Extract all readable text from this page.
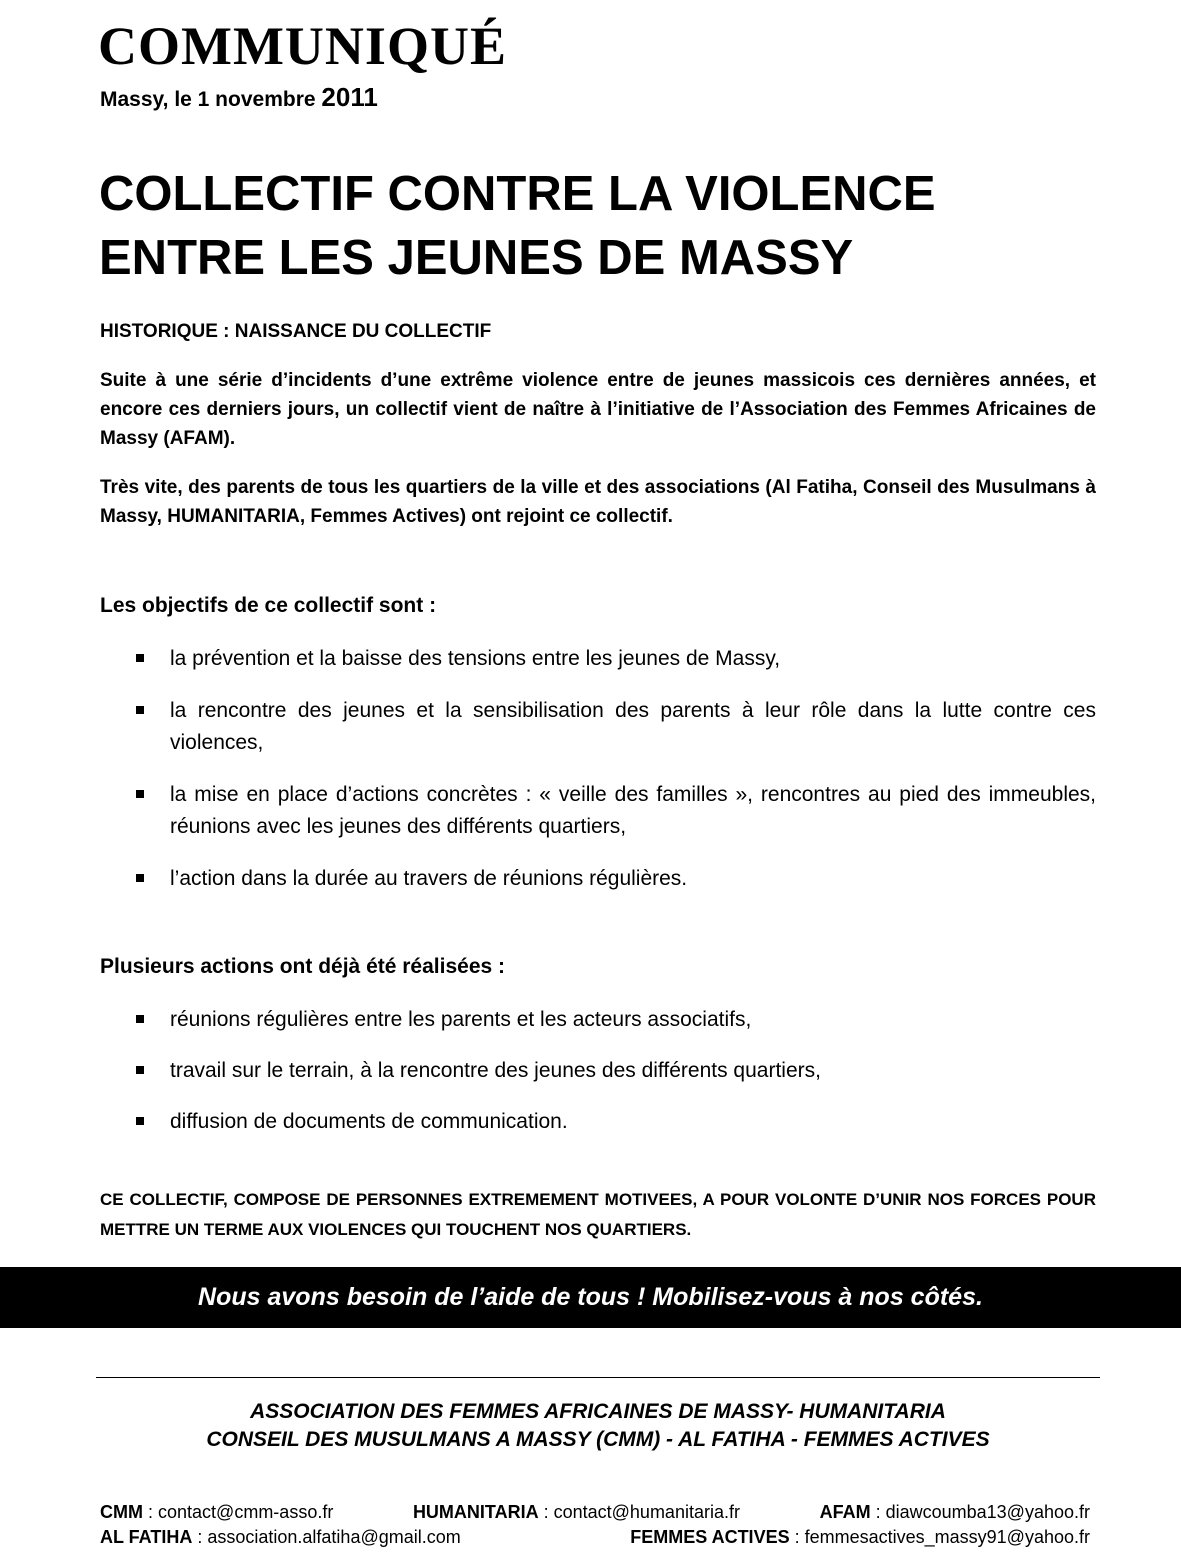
COMMUNIQUÉ
Massy, le 1 novembre 2011
COLLECTIF CONTRE LA VIOLENCE
ENTRE LES JEUNES DE MASSY
HISTORIQUE : NAISSANCE DU COLLECTIF

Suite à une série d’incidents d’une extrême violence entre de jeunes massicois ces dernières années, et encore ces derniers jours, un collectif vient de naître à l’initiative de l’Association des Femmes Africaines de Massy (AFAM).

Très vite, des parents de tous les quartiers de la ville et des associations (Al Fatiha, Conseil des Musulmans à Massy, HUMANITARIA, Femmes Actives) ont rejoint ce collectif.

Les objectifs de ce collectif sont :
la prévention et la baisse des tensions entre les jeunes de Massy,
la rencontre des jeunes et la sensibilisation des parents à leur rôle dans la lutte contre ces violences,
la mise en place d’actions concrètes : « veille des familles », rencontres au pied des immeubles, réunions avec les jeunes des différents quartiers,
l’action dans la durée au travers de réunions régulières.
Plusieurs actions ont déjà été réalisées :
réunions régulières entre les parents et les acteurs associatifs,
travail sur le terrain, à la rencontre des jeunes des différents quartiers,
diffusion de documents de communication.

CE COLLECTIF, COMPOSE DE PERSONNES EXTREMEMENT MOTIVEES, A POUR VOLONTE D’UNIR NOS FORCES POUR METTRE UN TERME AUX VIOLENCES QUI TOUCHENT NOS QUARTIERS.

Nous avons besoin de l’aide de tous ! Mobilisez-vous à nos côtés.
ASSOCIATION DES FEMMES AFRICAINES DE MASSY- HUMANITARIA
CONSEIL DES MUSULMANS A MASSY (CMM) - AL FATIHA - FEMMES ACTIVES
CMM : contact@cmm-asso.fr	HUMANITARIA : contact@humanitaria.fr	AFAM : diawcoumba13@yahoo.fr
AL FATIHA : association.alfatiha@gmail.com	FEMMES ACTIVES : femmesactives_massy91@yahoo.fr
